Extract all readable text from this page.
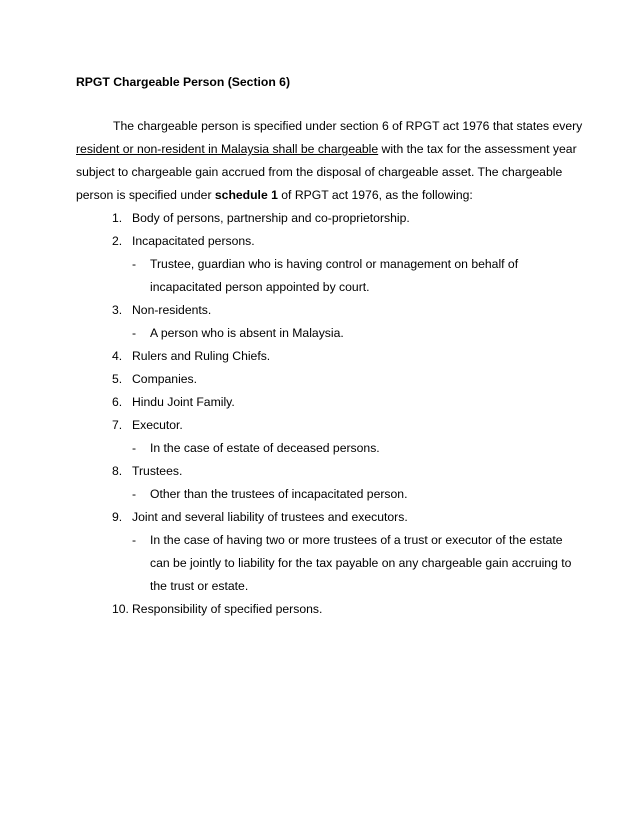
RPGT Chargeable Person (Section 6)
The chargeable person is specified under section 6 of RPGT act 1976 that states every
resident or non-resident in Malaysia shall be chargeable with the tax for the assessment year
subject to chargeable gain accrued from the disposal of chargeable asset. The chargeable
person is specified under schedule 1 of RPGT act 1976, as the following:
1. Body of persons, partnership and co-proprietorship.
2. Incapacitated persons.
- Trustee, guardian who is having control or management on behalf of
incapacitated person appointed by court.
3. Non-residents.
- A person who is absent in Malaysia.
4. Rulers and Ruling Chiefs.
5. Companies.
6. Hindu Joint Family.
7. Executor.
- In the case of estate of deceased persons.
8. Trustees.
- Other than the trustees of incapacitated person.
9. Joint and several liability of trustees and executors.
- In the case of having two or more trustees of a trust or executor of the estate
can be jointly to liability for the tax payable on any chargeable gain accruing to
the trust or estate.
10. Responsibility of specified persons.
